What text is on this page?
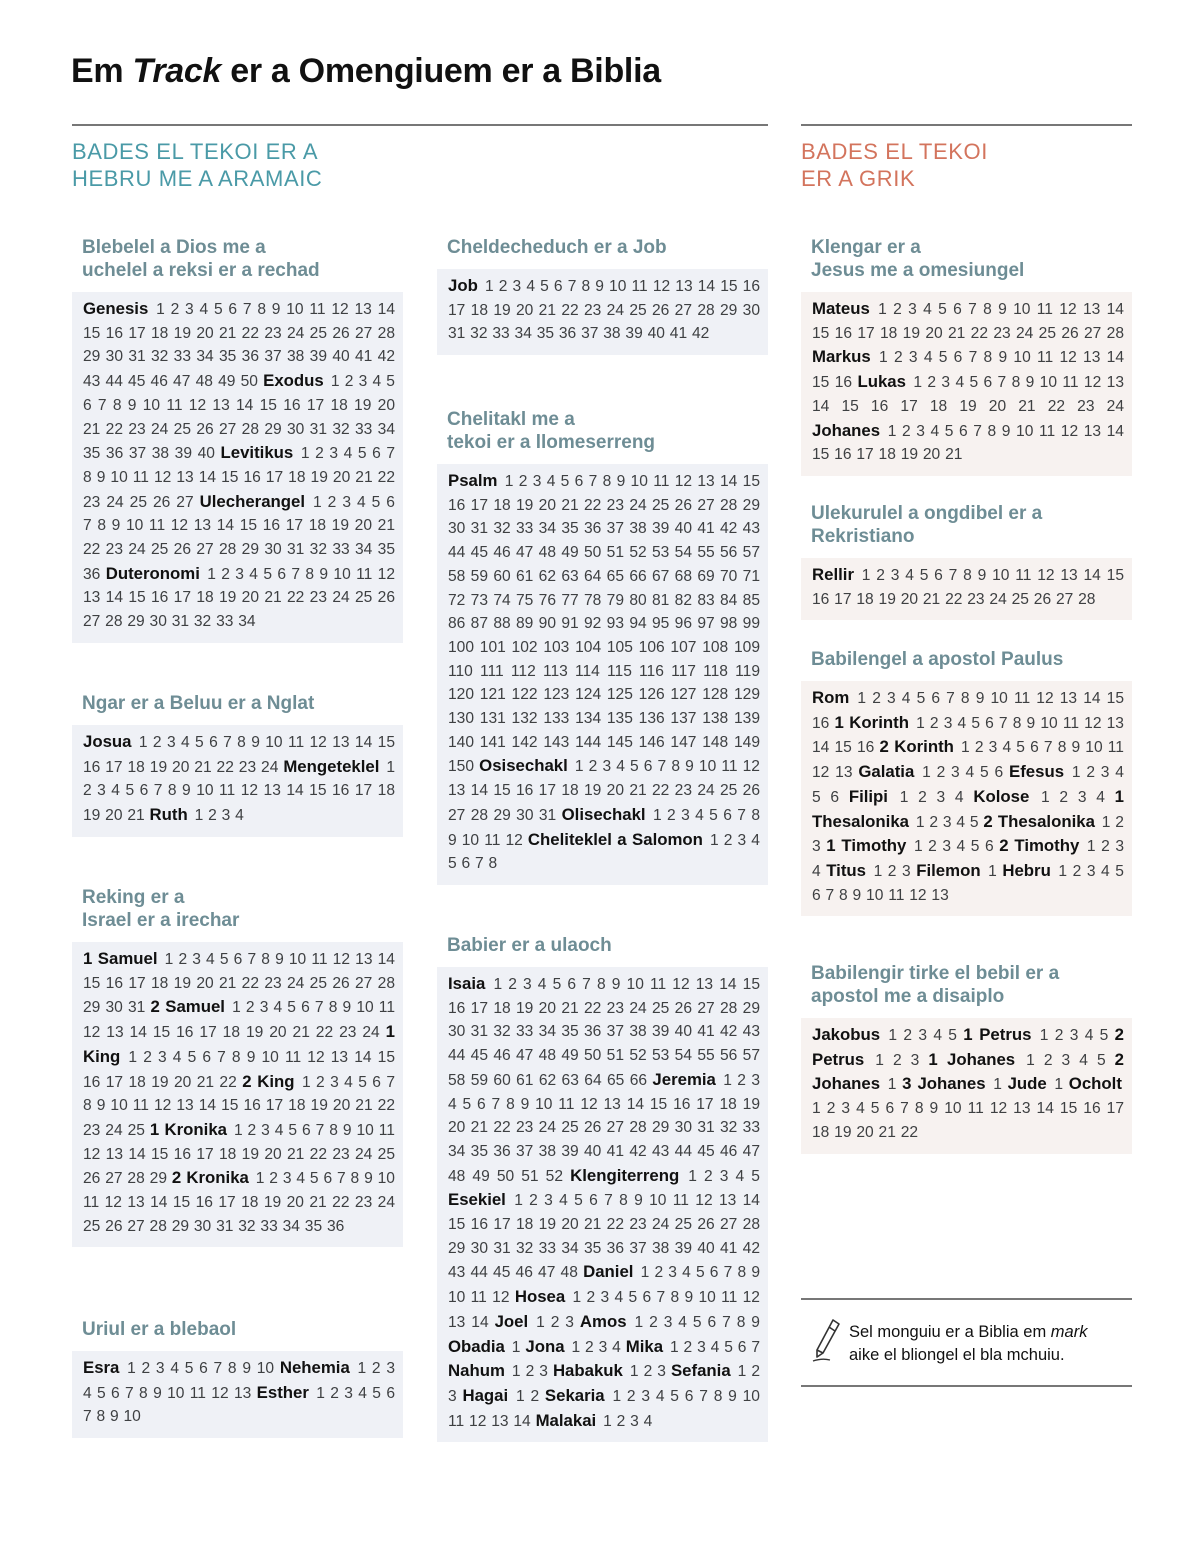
Em Track er a Omengiuem er a Biblia
BADES EL TEKOI ER A
HEBRU ME A ARAMAIC
BADES EL TEKOI
ER A GRIK
Blebelel a Dios me a
uchelel a reksi er a rechad
Genesis 1 2 3 4 5 6 7 8 9 10 11 12 13 14 15 16 17 18 19 20 21 22 23 24 25 26 27 28 29 30 31 32 33 34 35 36 37 38 39 40 41 42 43 44 45 46 47 48 49 50 Exodus 1 2 3 4 5 6 7 8 9 10 11 12 13 14 15 16 17 18 19 20 21 22 23 24 25 26 27 28 29 30 31 32 33 34 35 36 37 38 39 40 Levitikus 1 2 3 4 5 6 7 8 9 10 11 12 13 14 15 16 17 18 19 20 21 22 23 24 25 26 27 Ulecherangel 1 2 3 4 5 6 7 8 9 10 11 12 13 14 15 16 17 18 19 20 21 22 23 24 25 26 27 28 29 30 31 32 33 34 35 36 Duteronomi 1 2 3 4 5 6 7 8 9 10 11 12 13 14 15 16 17 18 19 20 21 22 23 24 25 26 27 28 29 30 31 32 33 34
Ngar er a Beluu er a Nglat
Josua 1 2 3 4 5 6 7 8 9 10 11 12 13 14 15 16 17 18 19 20 21 22 23 24 Mengeteklel 1 2 3 4 5 6 7 8 9 10 11 12 13 14 15 16 17 18 19 20 21 Ruth 1 2 3 4
Reking er a
Israel er a irechar
1 Samuel 1 2 3 4 5 6 7 8 9 10 11 12 13 14 15 16 17 18 19 20 21 22 23 24 25 26 27 28 29 30 31 2 Samuel 1 2 3 4 5 6 7 8 9 10 11 12 13 14 15 16 17 18 19 20 21 22 23 24 1 King 1 2 3 4 5 6 7 8 9 10 11 12 13 14 15 16 17 18 19 20 21 22 2 King 1 2 3 4 5 6 7 8 9 10 11 12 13 14 15 16 17 18 19 20 21 22 23 24 25 1 Kronika 1 2 3 4 5 6 7 8 9 10 11 12 13 14 15 16 17 18 19 20 21 22 23 24 25 26 27 28 29 2 Kronika 1 2 3 4 5 6 7 8 9 10 11 12 13 14 15 16 17 18 19 20 21 22 23 24 25 26 27 28 29 30 31 32 33 34 35 36
Uriul er a blebaol
Esra 1 2 3 4 5 6 7 8 9 10 Nehemia 1 2 3 4 5 6 7 8 9 10 11 12 13 Esther 1 2 3 4 5 6 7 8 9 10
Cheldecheduch er a Job
Job 1 2 3 4 5 6 7 8 9 10 11 12 13 14 15 16 17 18 19 20 21 22 23 24 25 26 27 28 29 30 31 32 33 34 35 36 37 38 39 40 41 42
Chelitakl me a
tekoi er a llomeserreng
Psalm 1 2 3 4 5 6 7 8 9 10 11 12 13 14 15 16 17 18 19 20 21 22 23 24 25 26 27 28 29 30 31 32 33 34 35 36 37 38 39 40 41 42 43 44 45 46 47 48 49 50 51 52 53 54 55 56 57 58 59 60 61 62 63 64 65 66 67 68 69 70 71 72 73 74 75 76 77 78 79 80 81 82 83 84 85 86 87 88 89 90 91 92 93 94 95 96 97 98 99 100 101 102 103 104 105 106 107 108 109 110 111 112 113 114 115 116 117 118 119 120 121 122 123 124 125 126 127 128 129 130 131 132 133 134 135 136 137 138 139 140 141 142 143 144 145 146 147 148 149 150 Osisechakl 1 2 3 4 5 6 7 8 9 10 11 12 13 14 15 16 17 18 19 20 21 22 23 24 25 26 27 28 29 30 31 Olisechakl 1 2 3 4 5 6 7 8 9 10 11 12 Cheliteklel a Salomon 1 2 3 4 5 6 7 8
Babier er a ulaoch
Isaia 1 2 3 4 5 6 7 8 9 10 11 12 13 14 15 16 17 18 19 20 21 22 23 24 25 26 27 28 29 30 31 32 33 34 35 36 37 38 39 40 41 42 43 44 45 46 47 48 49 50 51 52 53 54 55 56 57 58 59 60 61 62 63 64 65 66 Jeremia 1 2 3 4 5 6 7 8 9 10 11 12 13 14 15 16 17 18 19 20 21 22 23 24 25 26 27 28 29 30 31 32 33 34 35 36 37 38 39 40 41 42 43 44 45 46 47 48 49 50 51 52 Klengiterreng 1 2 3 4 5 Esekiel 1 2 3 4 5 6 7 8 9 10 11 12 13 14 15 16 17 18 19 20 21 22 23 24 25 26 27 28 29 30 31 32 33 34 35 36 37 38 39 40 41 42 43 44 45 46 47 48 Daniel 1 2 3 4 5 6 7 8 9 10 11 12 Hosea 1 2 3 4 5 6 7 8 9 10 11 12 13 14 Joel 1 2 3 Amos 1 2 3 4 5 6 7 8 9 Obadia 1 Jona 1 2 3 4 Mika 1 2 3 4 5 6 7 Nahum 1 2 3 Habakuk 1 2 3 Sefania 1 2 3 Hagai 1 2 Sekaria 1 2 3 4 5 6 7 8 9 10 11 12 13 14 Malakai 1 2 3 4
Klengar er a
Jesus me a omesiungel
Mateus 1 2 3 4 5 6 7 8 9 10 11 12 13 14 15 16 17 18 19 20 21 22 23 24 25 26 27 28 Markus 1 2 3 4 5 6 7 8 9 10 11 12 13 14 15 16 Lukas 1 2 3 4 5 6 7 8 9 10 11 12 13 14 15 16 17 18 19 20 21 22 23 24 Johanes 1 2 3 4 5 6 7 8 9 10 11 12 13 14 15 16 17 18 19 20 21
Ulekurulel a ongdibel er a
Rekristiano
Rellir 1 2 3 4 5 6 7 8 9 10 11 12 13 14 15 16 17 18 19 20 21 22 23 24 25 26 27 28
Babilengel a apostol Paulus
Rom 1 2 3 4 5 6 7 8 9 10 11 12 13 14 15 16 1 Korinth 1 2 3 4 5 6 7 8 9 10 11 12 13 14 15 16 2 Korinth 1 2 3 4 5 6 7 8 9 10 11 12 13 Galatia 1 2 3 4 5 6 Efesus 1 2 3 4 5 6 Filipi 1 2 3 4 Kolose 1 2 3 4 1 Thesalonika 1 2 3 4 5 2 Thesalonika 1 2 3 1 Timothy 1 2 3 4 5 6 2 Timothy 1 2 3 4 Titus 1 2 3 Filemon 1 Hebru 1 2 3 4 5 6 7 8 9 10 11 12 13
Babilengir tirke el bebil er a
apostol me a disaiplo
Jakobus 1 2 3 4 5 1 Petrus 1 2 3 4 5 2 Petrus 1 2 3 1 Johanes 1 2 3 4 5 2 Johanes 1 3 Johanes 1 Jude 1 Ocholt 1 2 3 4 5 6 7 8 9 10 11 12 13 14 15 16 17 18 19 20 21 22

Sel monguiu er a Biblia em mark
aike el bliongel el bla mchuiu.
